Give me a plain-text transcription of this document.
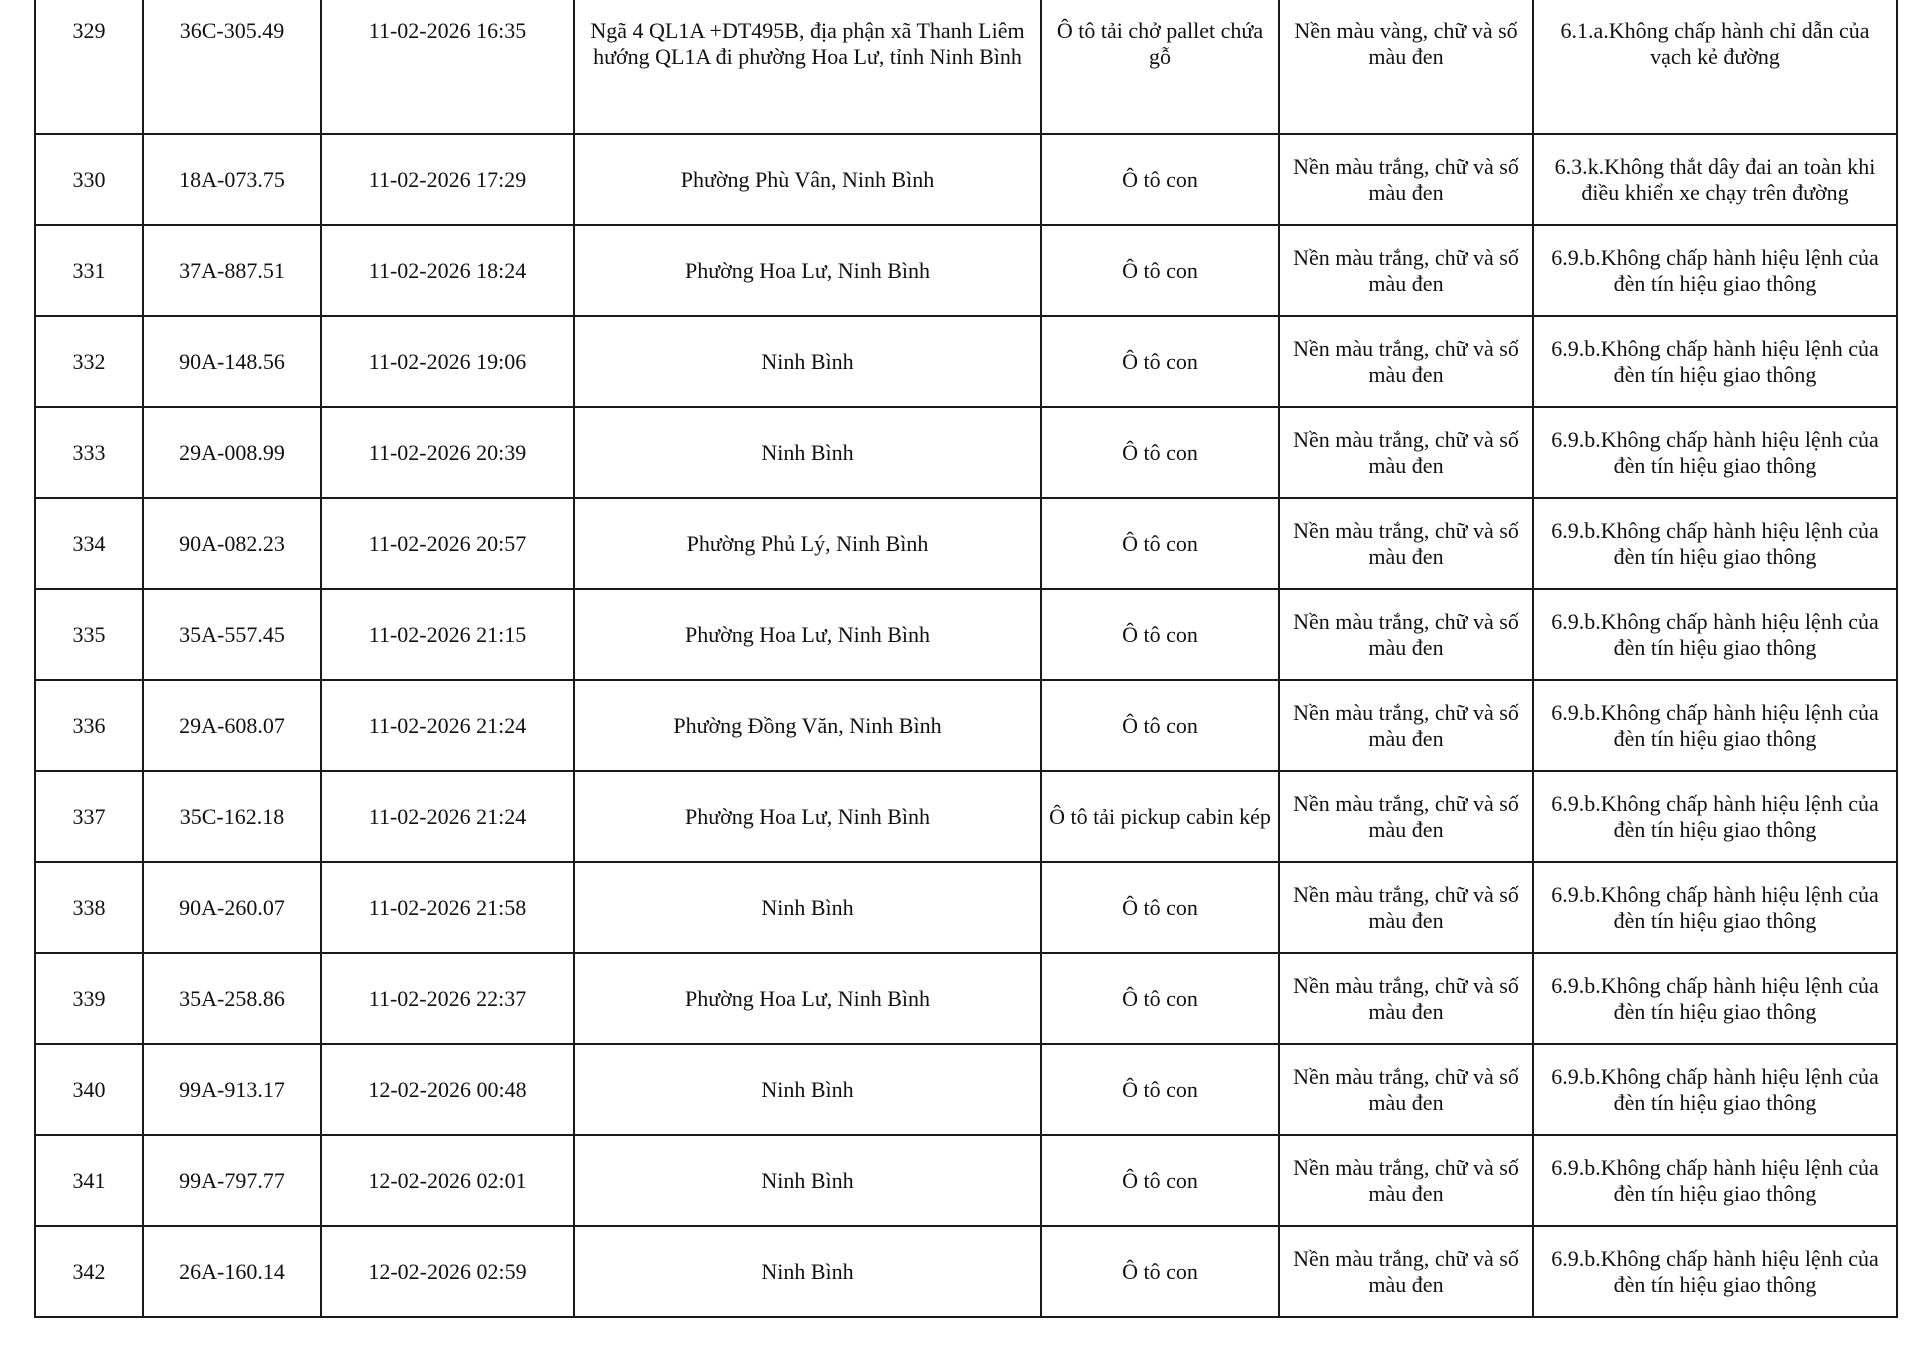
329	36C-305.49	11-02-2026 16:35	Ngã 4 QL1A +DT495B, địa phận xã Thanh Liêm hướng QL1A đi phường Hoa Lư, tỉnh Ninh Bình	Ô tô tải chở pallet chứa gỗ	Nền màu vàng, chữ và số màu đen	6.1.a.Không chấp hành chỉ dẫn của vạch kẻ đường
330	18A-073.75	11-02-2026 17:29	Phường Phù Vân, Ninh Bình	Ô tô con	Nền màu trắng, chữ và số màu đen	6.3.k.Không thắt dây đai an toàn khi điều khiển xe chạy trên đường
331	37A-887.51	11-02-2026 18:24	Phường Hoa Lư, Ninh Bình	Ô tô con	Nền màu trắng, chữ và số màu đen	6.9.b.Không chấp hành hiệu lệnh của đèn tín hiệu giao thông
332	90A-148.56	11-02-2026 19:06	Ninh Bình	Ô tô con	Nền màu trắng, chữ và số màu đen	6.9.b.Không chấp hành hiệu lệnh của đèn tín hiệu giao thông
333	29A-008.99	11-02-2026 20:39	Ninh Bình	Ô tô con	Nền màu trắng, chữ và số màu đen	6.9.b.Không chấp hành hiệu lệnh của đèn tín hiệu giao thông
334	90A-082.23	11-02-2026 20:57	Phường Phủ Lý, Ninh Bình	Ô tô con	Nền màu trắng, chữ và số màu đen	6.9.b.Không chấp hành hiệu lệnh của đèn tín hiệu giao thông
335	35A-557.45	11-02-2026 21:15	Phường Hoa Lư, Ninh Bình	Ô tô con	Nền màu trắng, chữ và số màu đen	6.9.b.Không chấp hành hiệu lệnh của đèn tín hiệu giao thông
336	29A-608.07	11-02-2026 21:24	Phường Đồng Văn, Ninh Bình	Ô tô con	Nền màu trắng, chữ và số màu đen	6.9.b.Không chấp hành hiệu lệnh của đèn tín hiệu giao thông
337	35C-162.18	11-02-2026 21:24	Phường Hoa Lư, Ninh Bình	Ô tô tải pickup cabin kép	Nền màu trắng, chữ và số màu đen	6.9.b.Không chấp hành hiệu lệnh của đèn tín hiệu giao thông
338	90A-260.07	11-02-2026 21:58	Ninh Bình	Ô tô con	Nền màu trắng, chữ và số màu đen	6.9.b.Không chấp hành hiệu lệnh của đèn tín hiệu giao thông
339	35A-258.86	11-02-2026 22:37	Phường Hoa Lư, Ninh Bình	Ô tô con	Nền màu trắng, chữ và số màu đen	6.9.b.Không chấp hành hiệu lệnh của đèn tín hiệu giao thông
340	99A-913.17	12-02-2026 00:48	Ninh Bình	Ô tô con	Nền màu trắng, chữ và số màu đen	6.9.b.Không chấp hành hiệu lệnh của đèn tín hiệu giao thông
341	99A-797.77	12-02-2026 02:01	Ninh Bình	Ô tô con	Nền màu trắng, chữ và số màu đen	6.9.b.Không chấp hành hiệu lệnh của đèn tín hiệu giao thông
342	26A-160.14	12-02-2026 02:59	Ninh Bình	Ô tô con	Nền màu trắng, chữ và số màu đen	6.9.b.Không chấp hành hiệu lệnh của đèn tín hiệu giao thông
